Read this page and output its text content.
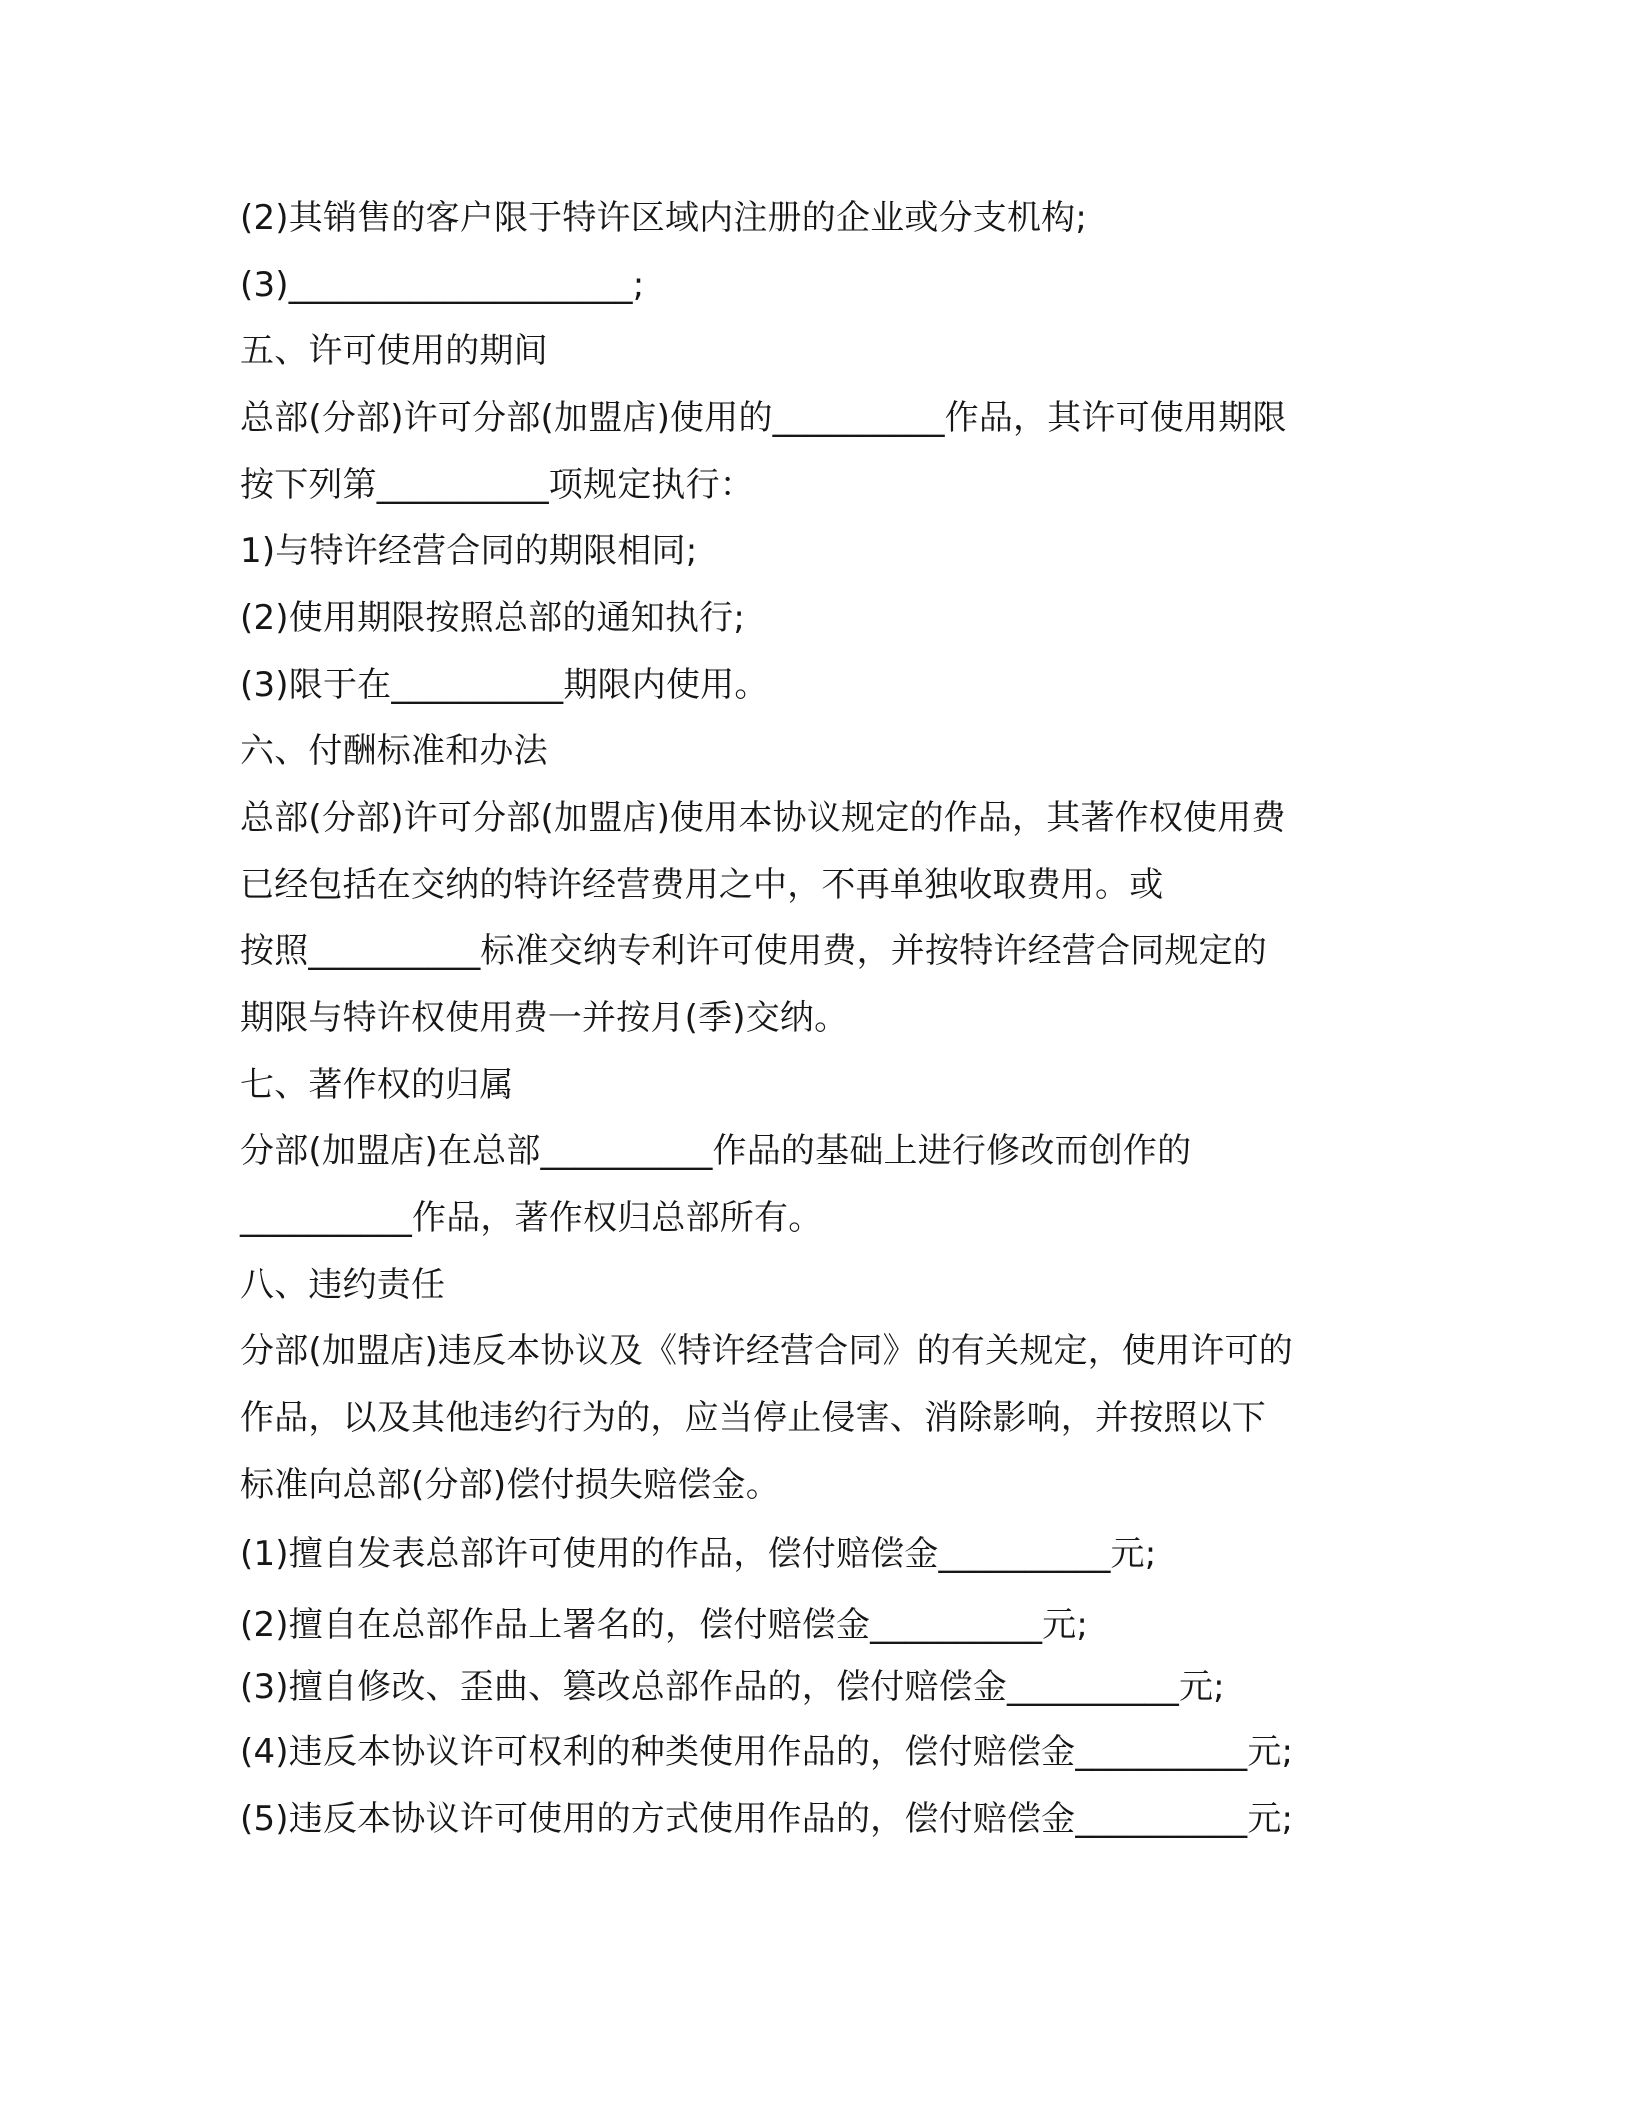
(2)其销售的客户限于特许区域内注册的企业或分支机构;
(3)____________________;
五、许可使用的期间
总部(分部)许可分部(加盟店)使用的__________作品，其许可使用期限
按下列第__________项规定执行：
1)与特许经营合同的期限相同;
(2)使用期限按照总部的通知执行;
(3)限于在__________期限内使用。
六、付酬标准和办法
总部(分部)许可分部(加盟店)使用本协议规定的作品，其著作权使用费
已经包括在交纳的特许经营费用之中，不再单独收取费用。或
按照__________标准交纳专利许可使用费，并按特许经营合同规定的
期限与特许权使用费一并按月(季)交纳。
七、著作权的归属
分部(加盟店)在总部__________作品的基础上进行修改而创作的
__________作品，著作权归总部所有。
八、违约责任
分部(加盟店)违反本协议及《特许经营合同》的有关规定，使用许可的
作品，以及其他违约行为的，应当停止侵害、消除影响，并按照以下
标准向总部(分部)偿付损失赔偿金。
(1)擅自发表总部许可使用的作品，偿付赔偿金__________元;
(2)擅自在总部作品上署名的，偿付赔偿金__________元;
(3)擅自修改、歪曲、篡改总部作品的，偿付赔偿金__________元;
(4)违反本协议许可权利的种类使用作品的，偿付赔偿金__________元;
(5)违反本协议许可使用的方式使用作品的，偿付赔偿金__________元;
